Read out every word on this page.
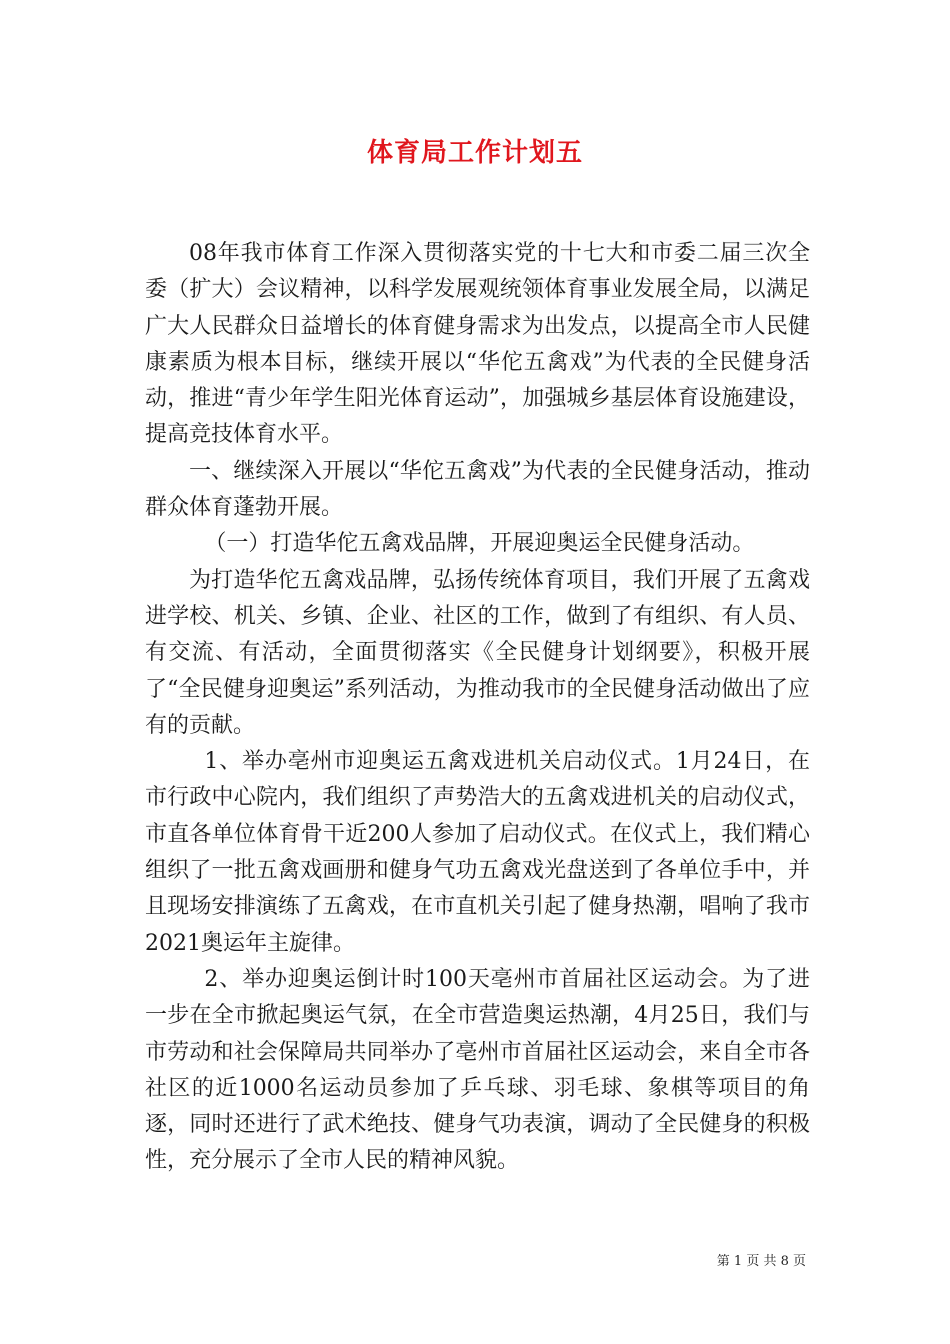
体育局工作计划五

08年我市体育工作深入贯彻落实党的十七大和市委二届三次全委（扩大）会议精神，以科学发展观统领体育事业发展全局，以满足广大人民群众日益增长的体育健身需求为出发点，以提高全市人民健康素质为根本目标，继续开展以“华佗五禽戏”为代表的全民健身活动，推进“青少年学生阳光体育运动”，加强城乡基层体育设施建设，提高竞技体育水平。

一、继续深入开展以“华佗五禽戏”为代表的全民健身活动，推动群众体育蓬勃开展。

（一）打造华佗五禽戏品牌，开展迎奥运全民健身活动。

为打造华佗五禽戏品牌，弘扬传统体育项目，我们开展了五禽戏进学校、机关、乡镇、企业、社区的工作，做到了有组织、有人员、有交流、有活动，全面贯彻落实《全民健身计划纲要》，积极开展了“全民健身迎奥运”系列活动，为推动我市的全民健身活动做出了应有的贡献。

1、举办亳州市迎奥运五禽戏进机关启动仪式。1月24日，在市行政中心院内，我们组织了声势浩大的五禽戏进机关的启动仪式，市直各单位体育骨干近200人参加了启动仪式。在仪式上，我们精心组织了一批五禽戏画册和健身气功五禽戏光盘送到了各单位手中，并且现场安排演练了五禽戏，在市直机关引起了健身热潮，唱响了我市2021奥运年主旋律。

2、举办迎奥运倒计时100天亳州市首届社区运动会。为了进一步在全市掀起奥运气氛，在全市营造奥运热潮，4月25日，我们与市劳动和社会保障局共同举办了亳州市首届社区运动会，来自全市各社区的近1000名运动员参加了乒乓球、羽毛球、象棋等项目的角逐，同时还进行了武术绝技、健身气功表演，调动了全民健身的积极性，充分展示了全市人民的精神风貌。

第 1 页 共 8 页
